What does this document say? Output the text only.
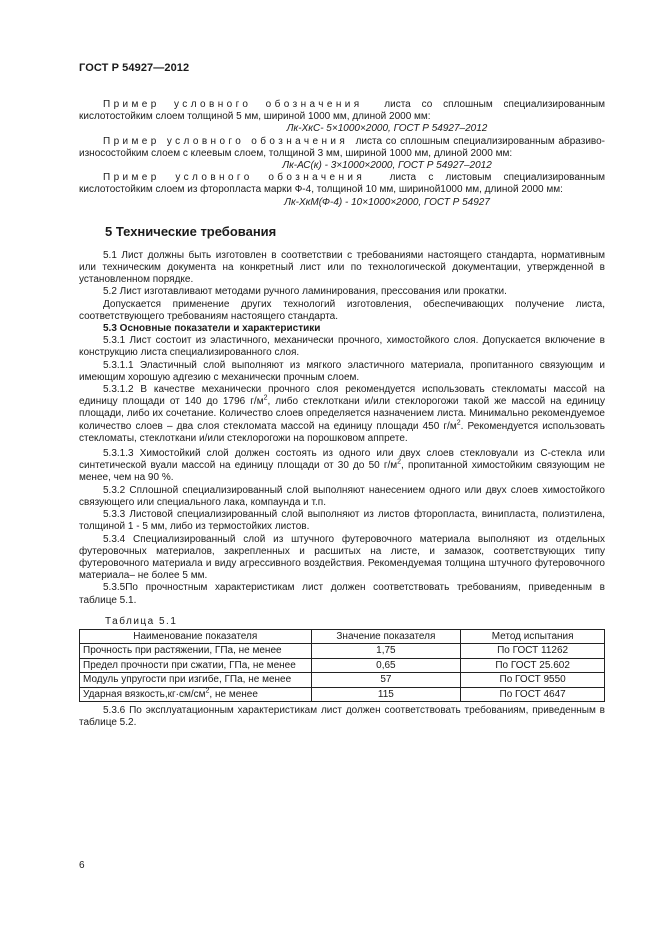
ГОСТ Р 54927—2012

Пример условного обозначения листа со сплошным специализированным кислотостойким слоем толщиной 5 мм, шириной 1000 мм, длиной 2000 мм:

Лк-ХкС- 5×1000×2000, ГОСТ Р 54927–2012

Пример условного обозначения листа со сплошным специализированным абразиво-износостойким слоем с клеевым слоем, толщиной 3 мм, шириной 1000 мм, длиной 2000 мм:

Лк-АС(к) - 3×1000×2000, ГОСТ Р 54927–2012

Пример условного обозначения листа с листовым специализированным кислотостойким слоем из фторопласта марки Ф-4, толщиной 10 мм, шириной1000 мм, длиной 2000 мм:

Лк-ХкМ(Ф-4) - 10×1000×2000, ГОСТ Р 54927

5 Технические требования

5.1 Лист должны быть изготовлен в соответствии с требованиями настоящего стандарта, нормативным или техническим документа на конкретный лист или по технологической документации, утвержденной в установленном порядке.

5.2 Лист изготавливают методами ручного ламинирования, прессования или прокатки.

Допускается применение других технологий изготовления, обеспечивающих получение листа, соответствующего требованиям настоящего стандарта.

5.3 Основные показатели и характеристики

5.3.1 Лист состоит из эластичного, механически прочного, химостойкого слоя. Допускается включение в конструкцию листа специализированного слоя.

5.3.1.1 Эластичный слой выполняют из мягкого эластичного материала, пропитанного связующим и имеющим хорошую адгезию с механически прочным слоем.

5.3.1.2 В качестве механически прочного слоя рекомендуется использовать стекломаты массой на единицу площади от 140 до 1796 $г/м^2$, либо стеклоткани и/или стеклорогожи такой же массой на единицу площади, либо их сочетание. Количество слоев определяется назначением листа. Минимально рекомендуемое количество слоев – два слоя стекломата массой на единицу площади 450 $г/м^2$. Рекомендуется использовать стекломаты, стеклоткани и/или стеклорогожи на порошковом аппрете.

5.3.1.3 Химостойкий слой должен состоять из одного или двух слоев стекловуали из С-стекла или синтетической вуали массой на единицу площади от 30 до 50 $г/м^2$, пропитанной химостойким связующим не менее, чем на 90 %.

5.3.2 Сплошной специализированный слой выполняют нанесением одного или двух слоев химостойкого связующего или специального лака, компаунда и т.п.

5.3.3 Листовой специализированный слой выполняют из листов фторопласта, винипласта, полиэтилена, толщиной 1 - 5 мм, либо из термостойких листов.

5.3.4 Специализированный слой из штучного футеровочного материала выполняют из отдельных футеровочных материалов, закрепленных и расшитых на листе, и замазок, соответствующих типу футеровочного материала и виду агрессивного воздействия. Рекомендуемая толщина штучного футеровочного материала– не более 5 мм.

5.3.5По прочностным характеристикам лист должен соответствовать требованиям, приведенным в таблице 5.1.

Таблица 5.1
Наименование показателя	Значение показателя	Метод испытания
Прочность при растяжении, ГПа, не менее	1,75	По ГОСТ 11262
Предел прочности при сжатии, ГПа, не менее	0,65	По ГОСТ 25.602
Модуль упругости при изгибе, ГПа, не менее	57	По ГОСТ 9550
Ударная $вязкость,кг\cdot см/см^2$, не менее	115	По ГОСТ 4647

5.3.6 По эксплуатационным характеристикам лист должен соответствовать требованиям, приведенным в таблице 5.2.

6
